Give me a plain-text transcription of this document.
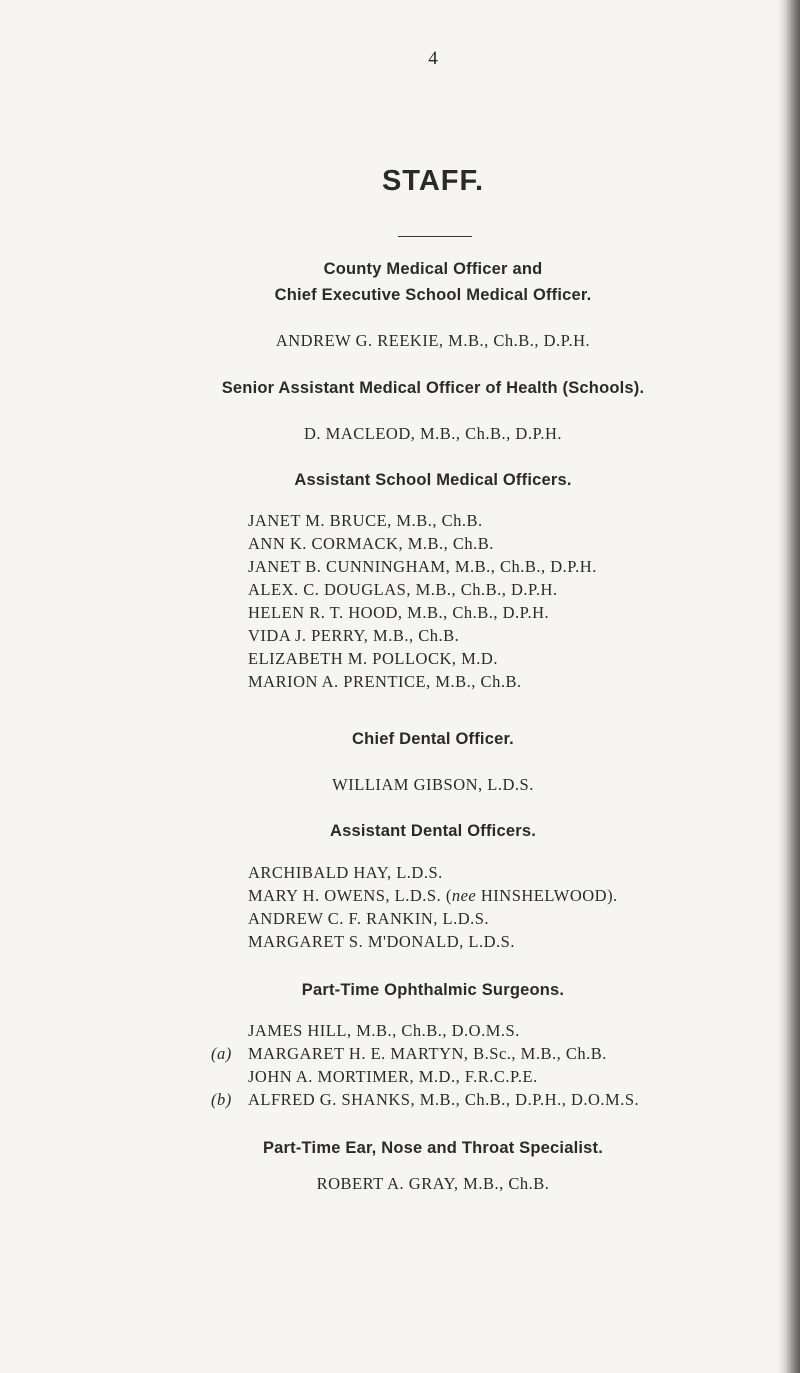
4
STAFF.
County Medical Officer and
Chief Executive School Medical Officer.
ANDREW G. REEKIE, M.B., Ch.B., D.P.H.
Senior Assistant Medical Officer of Health (Schools).
D. MACLEOD, M.B., Ch.B., D.P.H.
Assistant School Medical Officers.
JANET M. BRUCE, M.B., Ch.B.
ANN K. CORMACK, M.B., Ch.B.
JANET B. CUNNINGHAM, M.B., Ch.B., D.P.H.
ALEX. C. DOUGLAS, M.B., Ch.B., D.P.H.
HELEN R. T. HOOD, M.B., Ch.B., D.P.H.
VIDA J. PERRY, M.B., Ch.B.
ELIZABETH M. POLLOCK, M.D.
MARION A. PRENTICE, M.B., Ch.B.
Chief Dental Officer.
WILLIAM GIBSON, L.D.S.
Assistant Dental Officers.
ARCHIBALD HAY, L.D.S.
MARY H. OWENS, L.D.S. (nee HINSHELWOOD).
ANDREW C. F. RANKIN, L.D.S.
MARGARET S. M'DONALD, L.D.S.
Part-Time Ophthalmic Surgeons.
JAMES HILL, M.B., Ch.B., D.O.M.S.
(a) MARGARET H. E. MARTYN, B.Sc., M.B., Ch.B.
JOHN A. MORTIMER, M.D., F.R.C.P.E.
(b) ALFRED G. SHANKS, M.B., Ch.B., D.P.H., D.O.M.S.
Part-Time Ear, Nose and Throat Specialist.
ROBERT A. GRAY, M.B., Ch.B.
